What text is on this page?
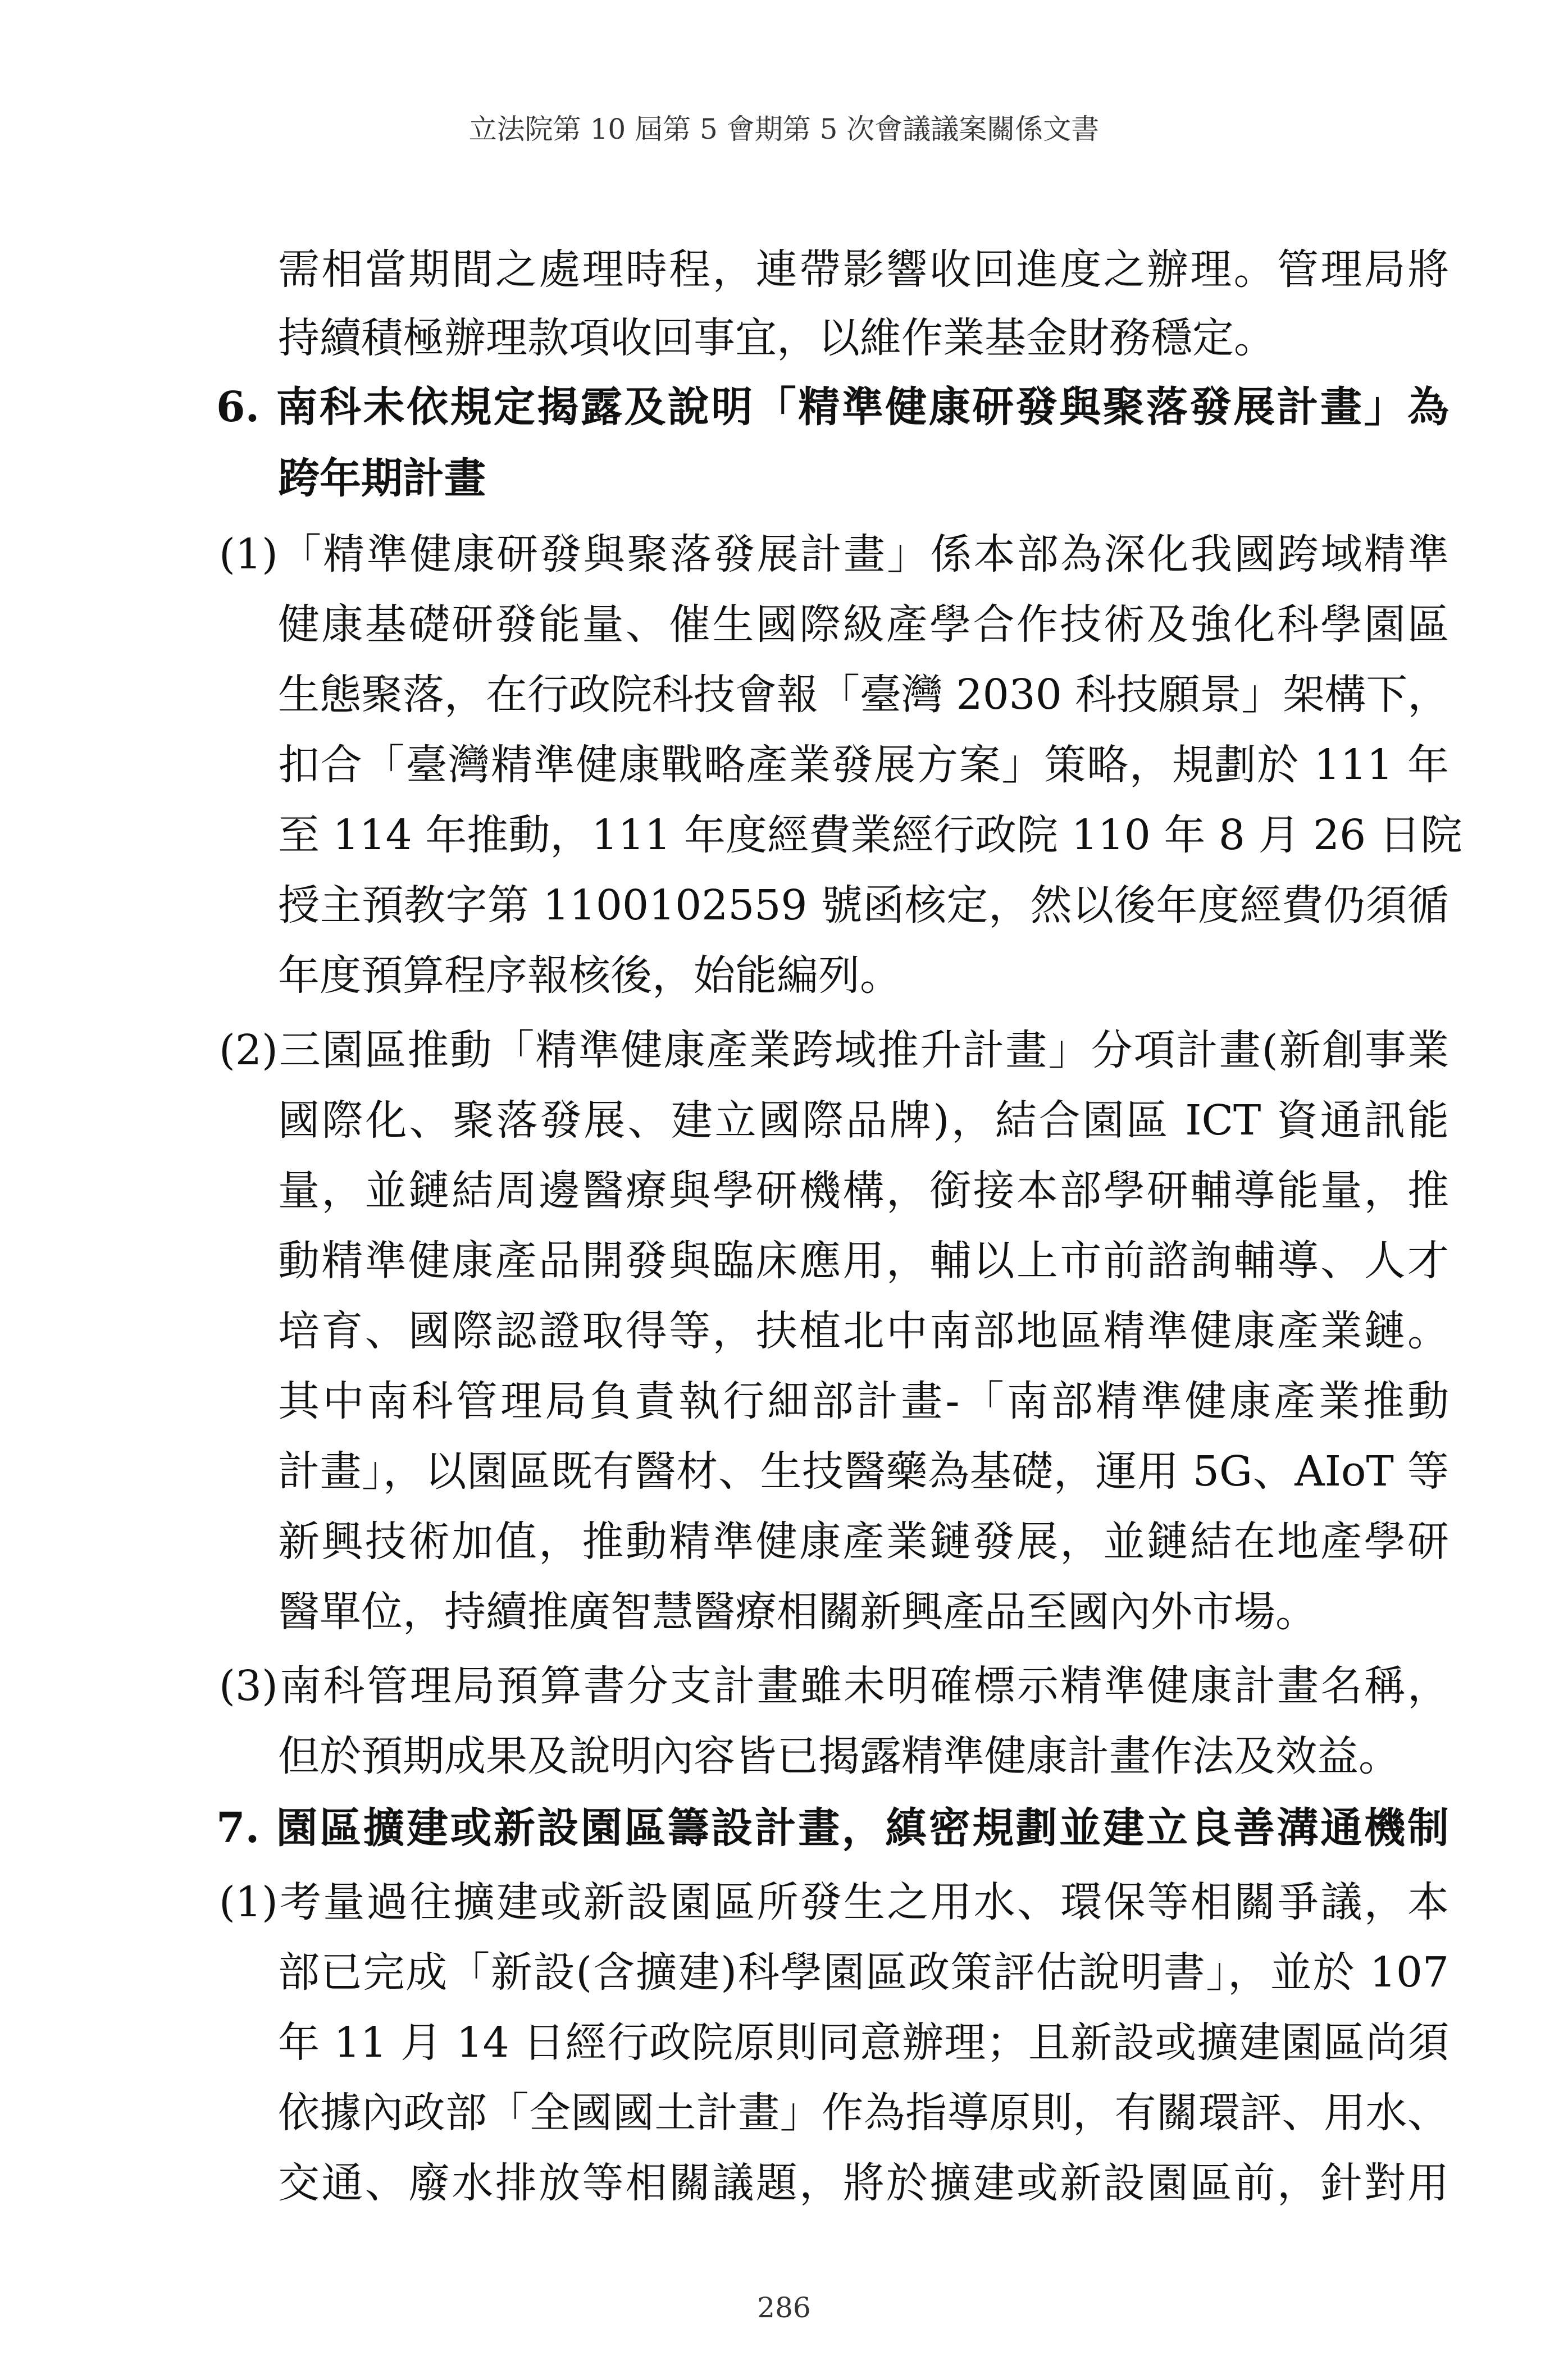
立法院第 10 屆第 5 會期第 5 次會議議案關係文書
需相當期間之處理時程，連帶影響收回進度之辦理。管理局將
持續積極辦理款項收回事宜，以維作業基金財務穩定。
6. 南科未依規定揭露及說明「精準健康研發與聚落發展計畫」為
跨年期計畫
(1)「精準健康研發與聚落發展計畫」係本部為深化我國跨域精準
健康基礎研發能量、催生國際級產學合作技術及強化科學園區
生態聚落，在行政院科技會報「臺灣 2030 科技願景」架構下，
扣合「臺灣精準健康戰略產業發展方案」策略，規劃於 111 年
至 114 年推動，111 年度經費業經行政院 110 年 8 月 26 日院
授主預教字第 1100102559 號函核定，然以後年度經費仍須循
年度預算程序報核後，始能編列。
(2)三園區推動「精準健康產業跨域推升計畫」分項計畫(新創事業
國際化、聚落發展、建立國際品牌)，結合園區 ICT 資通訊能
量，並鏈結周邊醫療與學研機構，銜接本部學研輔導能量，推
動精準健康產品開發與臨床應用，輔以上市前諮詢輔導、人才
培育、國際認證取得等，扶植北中南部地區精準健康產業鏈。
其中南科管理局負責執行細部計畫-「南部精準健康產業推動
計畫」，以園區既有醫材、生技醫藥為基礎，運用 5G、AIoT 等
新興技術加值，推動精準健康產業鏈發展，並鏈結在地產學研
醫單位，持續推廣智慧醫療相關新興產品至國內外市場。
(3)南科管理局預算書分支計畫雖未明確標示精準健康計畫名稱，
但於預期成果及說明內容皆已揭露精準健康計畫作法及效益。
7. 園區擴建或新設園區籌設計畫，縝密規劃並建立良善溝通機制
(1)考量過往擴建或新設園區所發生之用水、環保等相關爭議，本
部已完成「新設(含擴建)科學園區政策評估說明書」，並於 107
年 11 月 14 日經行政院原則同意辦理；且新設或擴建園區尚須
依據內政部「全國國土計畫」作為指導原則，有關環評、用水、
交通、廢水排放等相關議題，將於擴建或新設園區前，針對用
286
